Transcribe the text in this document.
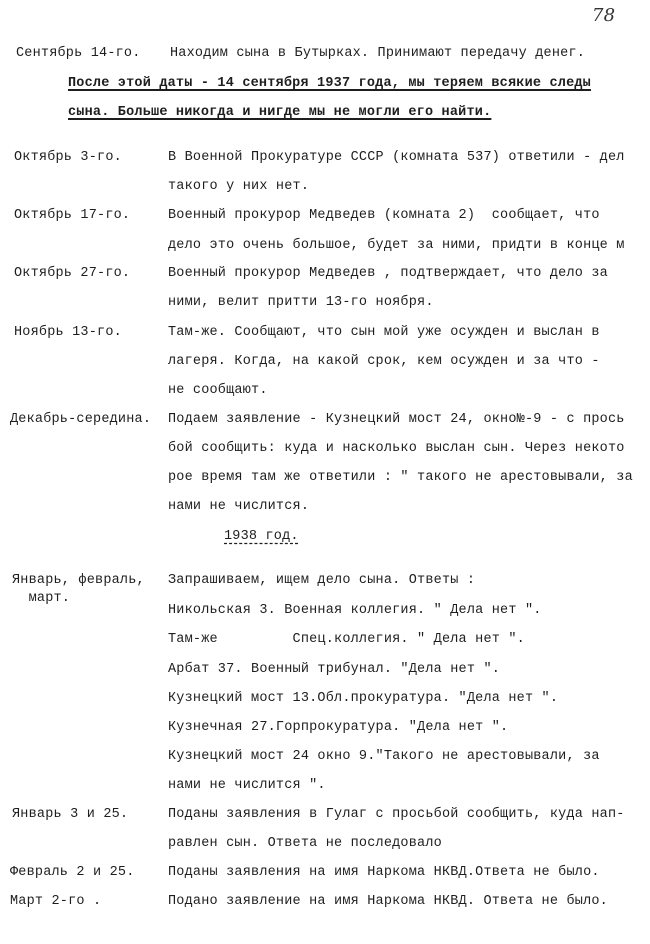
78
Сентябрь 14-го. Находим сына в Бутырках. Принимают передачу денег.
После этой даты - 14 сентября 1937 года, мы теряем всякие следы
сына. Больше никогда и нигде мы не могли его найти.
Октябрь 3-го.	В Военной Прокуратуре СССР (комната 537) ответили - дел
такого у них нет.
Октябрь 17-го.	Военный прокурор Медведев (комната 2)  сообщает, что
дело это очень большое, будет за ними, придти в конце м
Октябрь 27-го.	Военный прокурор Медведев , подтверждает, что дело за
ними, велит притти 13-го ноября.
Ноябрь 13-го.	Там-же. Сообщают, что сын мой уже осужден и выслан в
лагеря. Когда, на какой срок, кем осужден и за что -
не сообщают.
Декабрь-середина. Подаем заявление - Кузнецкий мост 24, окно№-9 - с прось
бой сообщить: куда и насколько выслан сын. Через некото
рое время там же ответили : " такого не арестовывали, за
нами не числится.
1938 год.
Январь, февраль,
март.
Запрашиваем, ищем дело сына. Ответы :
Никольская 3. Военная коллегия. " Дела нет ".
Там-же         Спец.коллегия. " Дела нет ".
Арбат 37. Военный трибунал. "Дела нет ".
Кузнецкий мост 13.Обл.прокуратура. "Дела нет ".
Кузнечная 27.Горпрокуратура. "Дела нет ".
Кузнецкий мост 24 окно 9."Такого не арестовывали, за
нами не числится ".
Январь 3 и 25.	Поданы заявления в Гулаг с просьбой сообщить, куда нап-
равлен сын. Ответа не последовало
Февраль 2 и 25. Поданы заявления на имя Наркома НКВД.Ответа не было.
Март 2-го .	Подано заявление на имя Наркома НКВД. Ответа не было.
